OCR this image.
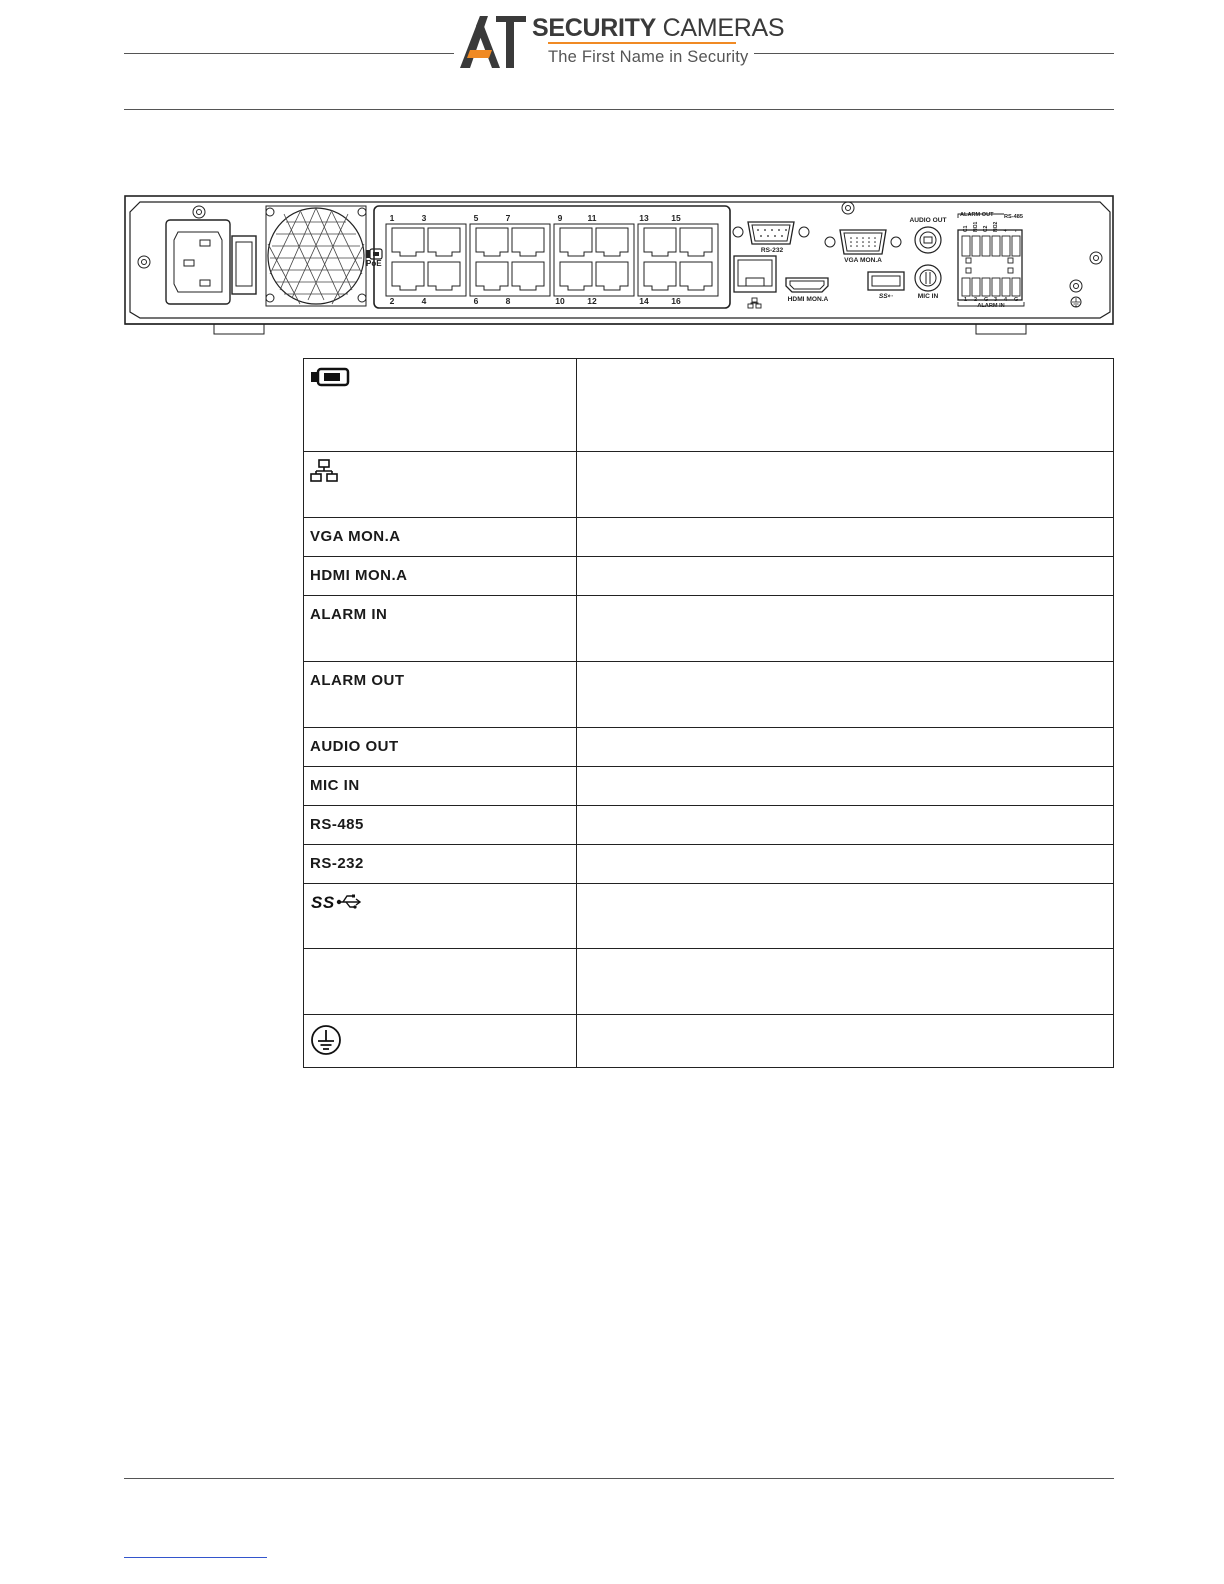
SECURITY CAMERAS
The First Name in Security
PoE
1	3	5	7	9	11	13	15
2	4	6	8	10	12	14	16
RS-232
VGA MON.A
HDMI MON.A	SS⇠
AUDIO OUT
MIC IN
ALARM OUT RS-485
ALARM IN
C1 NO1 C2 NO2 + -
1 2 G 3 4 G

VGA MON.A	

HDMI MON.A	

ALARM IN	

ALARM OUT	

AUDIO OUT	

MIC IN	

RS-485	

RS-232	

SS	
